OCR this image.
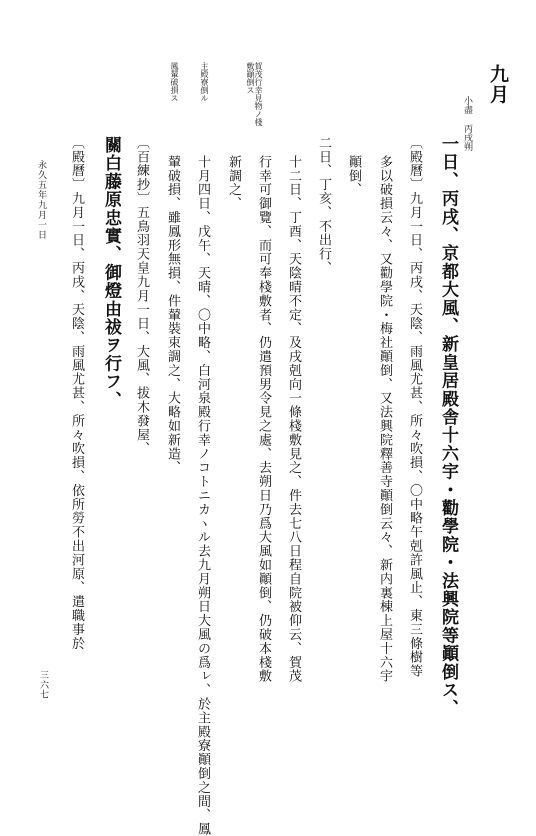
九月
小盡 丙戌朔
一日、丙戌、京都大風、新皇居殿舎十六宇・勸學院・法興院等顚倒ス、
〔殿曆〕九月一日、丙戌、天陰、雨風尤甚、所々吹損、〇中略午剋許風止、東三條樹等
多以破損云々、又勸學院・梅社顚倒、又法興院釋善寺顚倒云々、新内裏棟上屋十六宇
顚倒、
二日、丁亥、不出行、
十二日、丁酉、天陰晴不定、及戌剋向一條棧敷見之、件去七八日程自院被仰云、賀茂
行幸可御覽、而可奉棧敷者、仍遣預男令見之處、去朔日乃爲大風如顚倒、仍破本棧敷
新調之、
十月四日、戊午、天晴、〇中略、白河泉殿行幸ノコトニカヽル去九月朔日大風の爲ㇾ、於主殿寮顚倒之間、鳳
輦破損、雖鳳形無損、件輦裝束調之、大略如新造、
〔百練抄〕五鳥羽天皇九月一日、大風、拔木發屋、
關白藤原忠實、御燈由祓ヲ行フ、
〔殿曆〕九月一日、丙戌、天陰、雨風尤甚、所々吹損、依所勞不出河原、遣職事於
賀茂行幸見物ノ棧敷顚倒ス
主殿寮倒ル
鳳輦破損ス
永久五年九月一日
三六七
